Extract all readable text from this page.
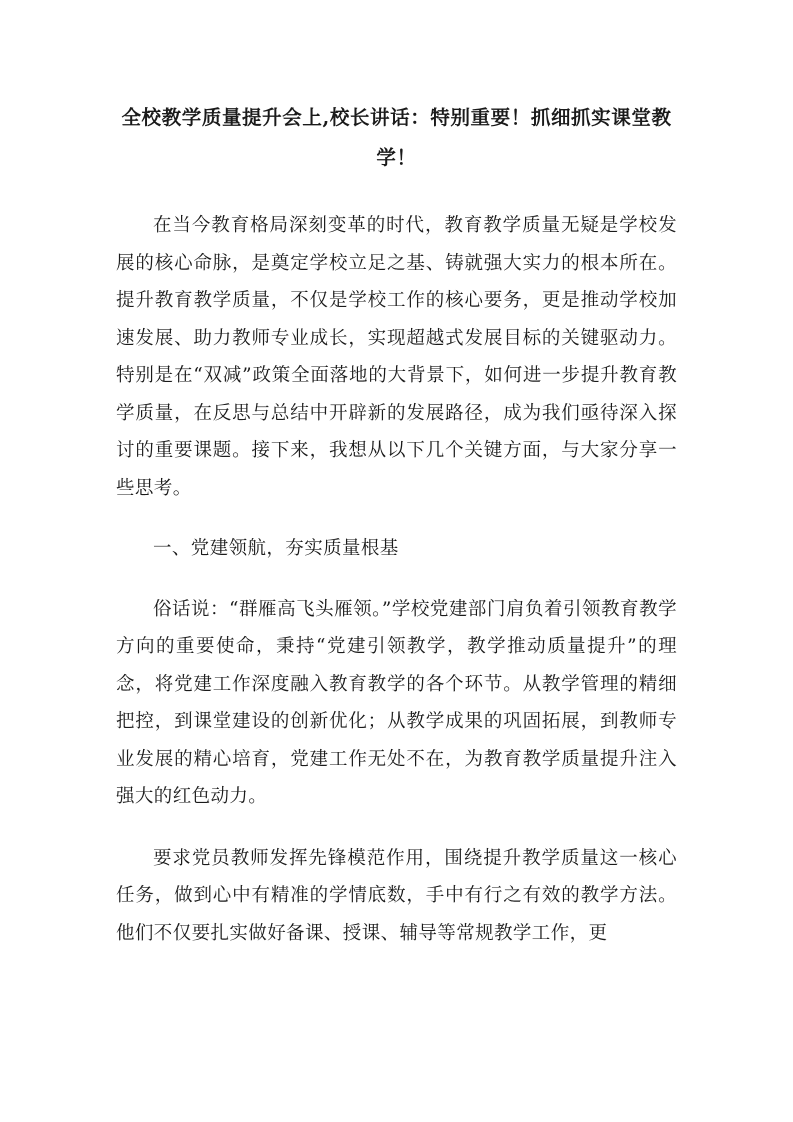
全校教学质量提升会上,校长讲话：特别重要！抓细抓实课堂教学！

在当今教育格局深刻变革的时代，教育教学质量无疑是学校发展的核心命脉，是奠定学校立足之基、铸就强大实力的根本所在。提升教育教学质量，不仅是学校工作的核心要务，更是推动学校加速发展、助力教师专业成长，实现超越式发展目标的关键驱动力。特别是在“双减”政策全面落地的大背景下，如何进一步提升教育教学质量，在反思与总结中开辟新的发展路径，成为我们亟待深入探讨的重要课题。接下来，我想从以下几个关键方面，与大家分享一些思考。

一、党建领航，夯实质量根基

俗话说：“群雁高飞头雁领。”学校党建部门肩负着引领教育教学方向的重要使命，秉持“党建引领教学，教学推动质量提升”的理念，将党建工作深度融入教育教学的各个环节。从教学管理的精细把控，到课堂建设的创新优化；从教学成果的巩固拓展，到教师专业发展的精心培育，党建工作无处不在，为教育教学质量提升注入强大的红色动力。

要求党员教师发挥先锋模范作用，围绕提升教学质量这一核心任务，做到心中有精准的学情底数，手中有行之有效的教学方法。他们不仅要扎实做好备课、授课、辅导等常规教学工作，更
